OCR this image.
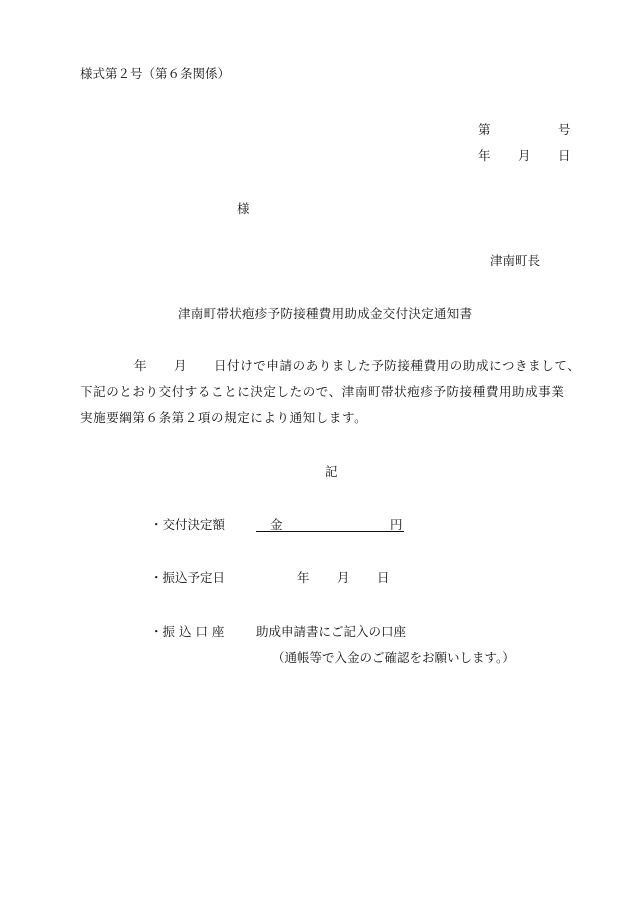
様式第２号（第６条関係）
第	号
年 月 日
様
津南町長
津南町帯状疱疹予防接種費用助成金交付決定通知書
年 月 日付けで申請のありました予防接種費用の助成につきまして、
下記のとおり交付することに決定したので、津南町帯状疱疹予防接種費用助成事業
実施要綱第６条第２項の規定により通知します。
記
・交付決定額	金	円
・振込予定日	年 月 日
・振 込 口 座	助成申請書にご記入の口座
（通帳等で入金のご確認をお願いします。）
